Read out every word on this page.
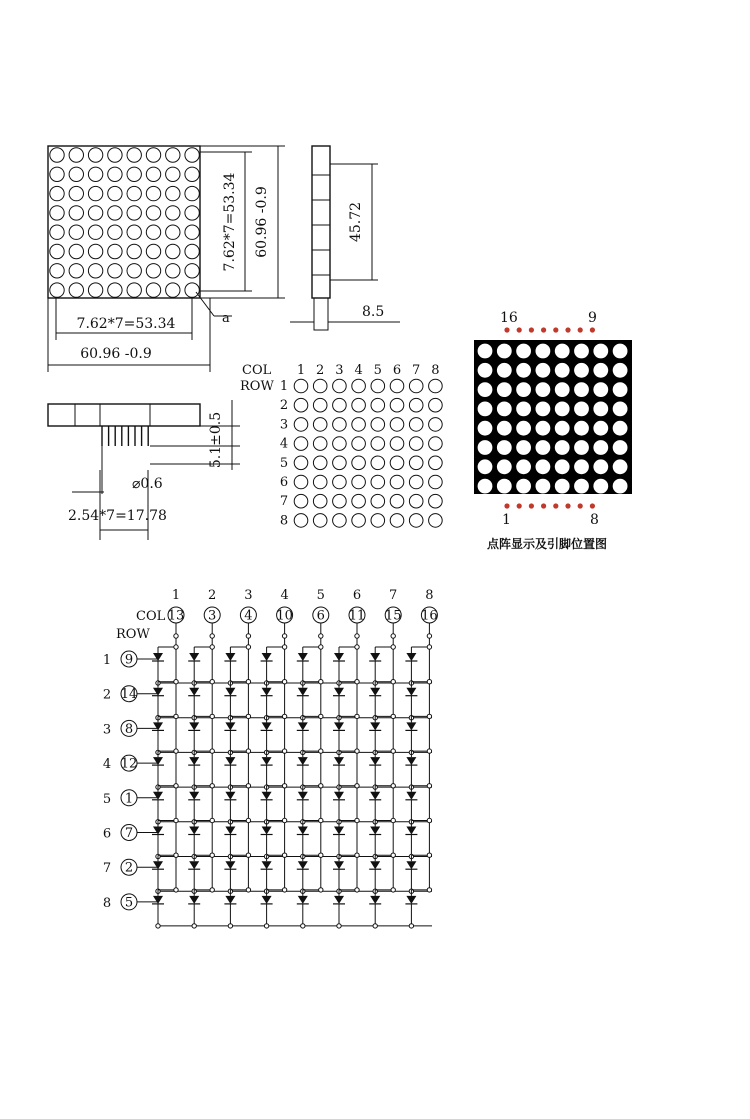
7.62*7=53.34 60.96 -0.9
a
7.62*7=53.34
60.96 -0.9
45.72
8.5
5.1±0.5
⌀0.6
2.54*7=17.78
COL
ROW
1 2 3 4 5 6 7 8
1
2
3
4
5
6
7
8
16	9
1	8
点阵显示及引脚位置图
COL
ROW
1
13
2
3
3
4
4
10
5
6
6
11
7
15
8
16
1 9
2 14
3 8
4 12
5 1
6 7
7 2
8 5
